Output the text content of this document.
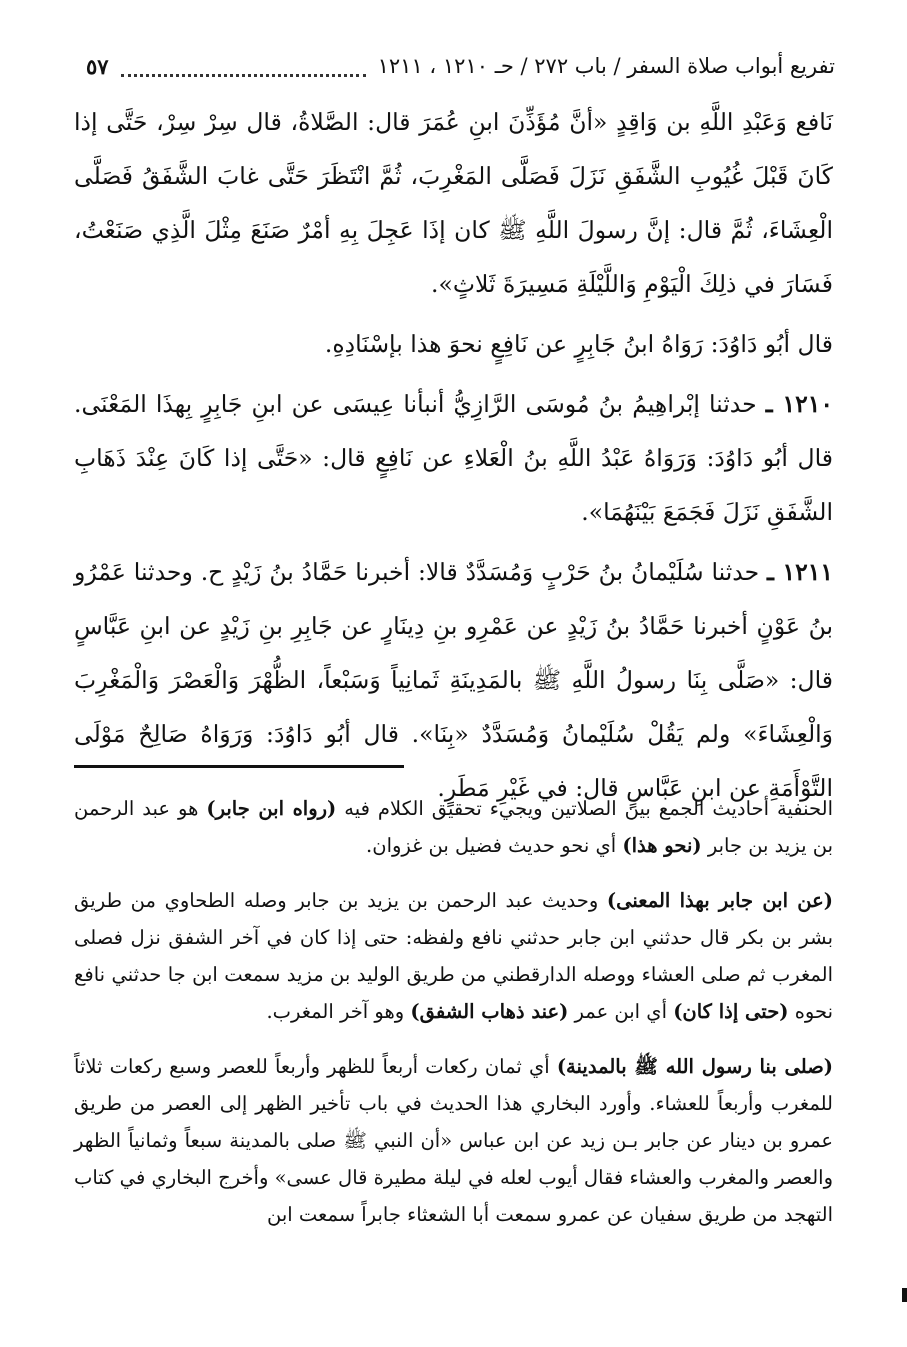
تفريع أبواب صلاة السفر / باب ٢٧٢ / حـ ١٢١٠ ، ١٢١١
٥٧

نَافع وَعَبْدِ اللَّهِ بن وَاقِدٍ «أنَّ مُؤَذِّنَ ابنِ عُمَرَ قال: الصَّلاةُ، قال سِرْ سِرْ، حَتَّى إذا كَانَ قَبْلَ غُيُوبِ الشَّفَقِ نَزَلَ فَصَلَّى المَغْرِبَ، ثُمَّ انْتَظَرَ حَتَّى غابَ الشَّفَقُ فَصَلَّى الْعِشَاءَ، ثُمَّ قال: إنَّ رسولَ اللَّهِ ﷺ كان إذَا عَجِلَ بِهِ أمْرٌ صَنَعَ مِثْلَ الَّذِي صَنَعْتُ، فَسَارَ في ذلِكَ الْيَوْمِ وَاللَّيْلَةِ مَسِيرَةَ ثَلاثٍ».

قال أبُو دَاوُدَ: رَوَاهُ ابنُ جَابِرٍ عن نَافِعٍ نحوَ هذا بإسْنَادِهِ.

١٢١٠ ـ حدثنا إبْراهِيمُ بنُ مُوسَى الرَّازِيُّ أنبأنا عِيسَى عن ابنِ جَابِرٍ بِهذَا المَعْنَى. قال أبُو دَاوُدَ: وَرَوَاهُ عَبْدُ اللَّهِ بنُ الْعَلاءِ عن نَافِعٍ قال: «حَتَّى إذا كَانَ عِنْدَ ذَهَابِ الشَّفَقِ نَزَلَ فَجَمَعَ بَيْنَهُمَا».

١٢١١ ـ حدثنا سُلَيْمانُ بنُ حَرْبٍ وَمُسَدَّدٌ قالا: أخبرنا حَمَّادُ بنُ زَيْدٍ ح. وحدثنا عَمْرُو بنُ عَوْنٍ أخبرنا حَمَّادُ بنُ زَيْدٍ عن عَمْرِو بنِ دِينَارٍ عن جَابِرِ بنِ زَيْدٍ عن ابنِ عَبَّاسٍ قال: «صَلَّى بِنَا رسولُ اللَّهِ ﷺ بالمَدِينَةِ ثَمانِياً وَسَبْعاً، الظُّهْرَ وَالْعَصْرَ وَالْمَغْرِبَ وَالْعِشَاءَ» ولم يَقُلْ سُلَيْمانُ وَمُسَدَّدٌ «بِنَا». قال أبُو دَاوُدَ: وَرَوَاهُ صَالِحٌ مَوْلَى التَّوْأَمَةِ عن ابنِ عَبَّاسٍ قال: في غَيْرِ مَطَرٍ.

الحنفية أحاديث الجمع بين الصلاتين ويجيء تحقيق الكلام فيه (رواه ابن جابر) هو عبد الرحمن بن يزيد بن جابر (نحو هذا) أي نحو حديث فضيل بن غزوان.

(عن ابن جابر بهذا المعنى) وحديث عبد الرحمن بن يزيد بن جابر وصله الطحاوي من طريق بشر بن بكر قال حدثني ابن جابر حدثني نافع ولفظه: حتى إذا كان في آخر الشفق نزل فصلى المغرب ثم صلى العشاء ووصله الدارقطني من طريق الوليد بن مزيد سمعت ابن جا حدثني نافع نحوه (حتى إذا كان) أي ابن عمر (عند ذهاب الشفق) وهو آخر المغرب.

(صلى بنا رسول الله ﷺ بالمدينة) أي ثمان ركعات أربعاً للظهر وأربعاً للعصر وسبع ركعات ثلاثاً للمغرب وأربعاً للعشاء. وأورد البخاري هذا الحديث في باب تأخير الظهر إلى العصر من طريق عمرو بن دينار عن جابر بـن زيد عن ابن عباس «أن النبي ﷺ صلى بالمدينة سبعاً وثمانياً الظهر والعصر والمغرب والعشاء فقال أيوب لعله في ليلة مطيرة قال عسى» وأخرج البخاري في كتاب التهجد من طريق سفيان عن عمرو سمعت أبا الشعثاء جابراً سمعت ابن
